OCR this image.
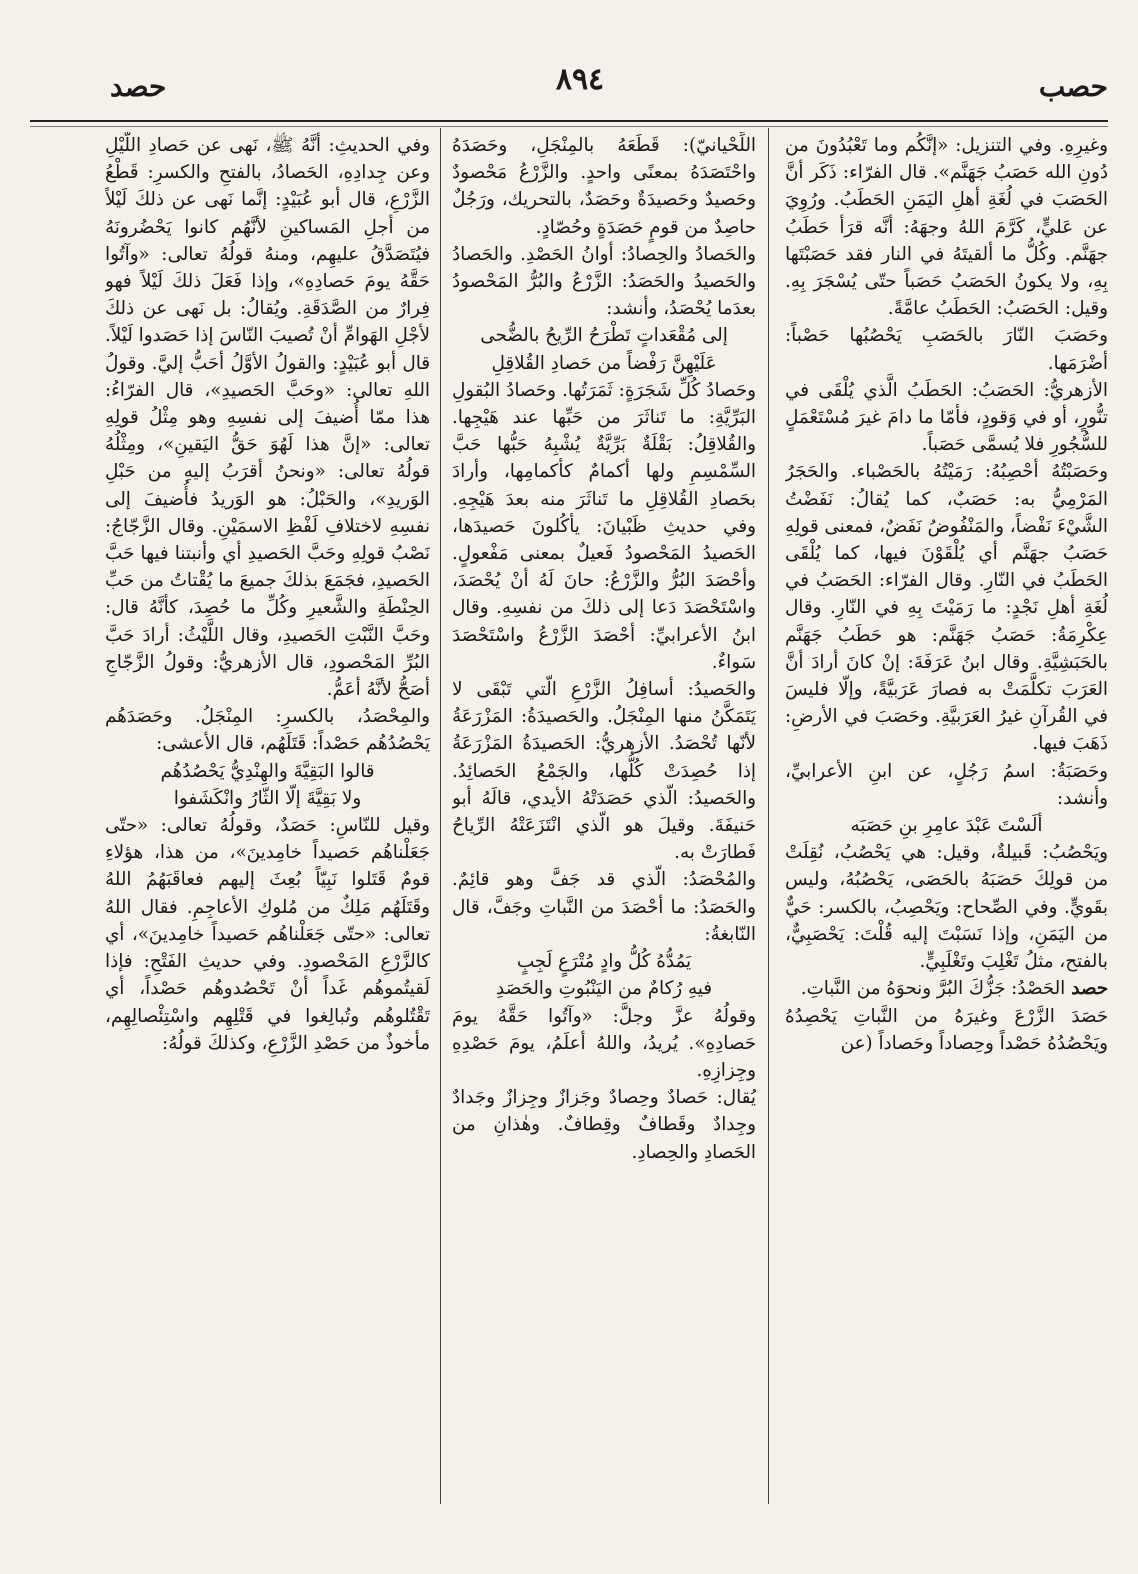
حصب
٨٩٤
حصد

وغيرِهِ. وفي التنزيل: «إنَّكُم وما تَعْبُدُونَ من دُونِ الله حَصَبُ جَهَنَّم». قال الفرّاء: ذَكَر أنَّ الحَصَبَ في لُغَةِ أهلِ اليَمَنِ الحَطَبُ. ورُوِيَ عن عَليٍّ، كَرَّمَ اللهُ وجهَهُ: أنَّه قرَأ حَطَبُ جهَنَّم. وكُلُّ ما ألقيتَهُ في النار فقد حَصَبْتَها بِهِ، ولا يكونُ الحَصَبُ حَصَباً حتّى يُسْجَرَ بِهِ. وقيل: الحَصَبُ: الحَطَبُ عامَّةً.

وحَصَبَ النّارَ بالحَصَبِ يَحْصُبُها حَصْباً: أضْرَمَها.

الأزهريُّ: الحَصَبُ: الحَطَبُ الَّذي يُلْقَى في تنُّورٍ، أو في وَقودٍ، فأمّا ما دامَ غيرَ مُسْتَعْمَلٍ للسُّجُورِ فلا يُسمَّى حَصَباً.

وحَصَبْتُهُ أحْصِبُهُ: رَمَيْتُهُ بالحَصْباء. والحَجَرُ المَرْمِيُّ به: حَصَبٌ، كما يُقالُ: نَفَضْتُ الشَّيْءَ نَفْضاً، والمَنْفُوضُ نَفَضٌ، فمعنى قولِهِ حَصَبُ جهَنَّم أي يُلْقَوْنَ فيها، كما يُلْقَى الحَطَبُ في النّارِ. وقال الفرّاء: الحَصَبُ في لُغَةِ أهلِ نَجْدٍ: ما رَمَيْتَ بِهِ في النّارِ. وقال عِكْرِمَةُ: حَصَبُ جَهَنَّم: هو حَطَبُ جَهَنَّم بالحَبَشِيَّةِ. وقال ابنُ عَرَفَةَ: إنْ كانَ أرادَ أنَّ العَرَبَ تكلَّمَتْ به فصارَ عَرَبيَّةً، وإلّا فليسَ في القُرآنِ غيرُ العَرَبيَّةِ. وحَصَبَ في الأرضِ: ذَهَبَ فيها.

وحَصَبَةُ: اسمُ رَجُلٍ، عن ابنِ الأعرابيِّ، وأنشد:

ألَسْتَ عَبْدَ عامِرِ بنِ حَصَبَه

ويَحْصُبُ: قَبيلةٌ، وقيل: هي يَحْصُبُ، نُقِلَتْ من قولِكَ حَصَبَهُ بالحَصَى، يَحْصُبُهُ، وليس بقَويٍّ. وفي الصِّحاح: ويَحْصِبُ، بالكسر: حَيٌّ من اليَمَنِ، وإذا نَسَبْتَ إليه قُلْتَ: يَحْصَبِيٌّ، بالفتح، مثلُ تَغْلِبَ وتَغْلَبِيٍّ.

حصدالحَصْدُ: جَزُّكَ البُرَّ ونحوَهُ من النَّباتِ.

حَصَدَ الزَّرْعَ وغيرَهُ من النَّباتِ يَحْصِدُهُ ويَحْصُدُهُ حَصْداً وحِصاداً وحَصاداً (عن

اللِّحْيانيّ): قَطَعَهُ بالمِنْجَلِ، وحَصَدَهُ واحْتَصَدَهُ بمعنًى واحدٍ. والزَّرْعُ مَحْصودٌ وحَصيدٌ وحَصيدَةٌ وحَصَدٌ، بالتحريك، ورَجُلٌ حاصِدٌ من قومٍ حَصَدَةٍ وحُصّادٍ.

والحَصادُ والحِصادُ: أوانُ الحَصْدِ. والحَصادُ والحَصيدُ والحَصَدُ: الزَّرْعُ والبُرُّ المَحْصودُ بعدَما يُحْصَدُ، وأنشد:

إلى مُقْعَداتٍ تَطْرَحُ الرِّيحُ بالضُّحى

عَلَيْهِنَّ رَفْضاً من حَصادِ القُلاقِلِ

وحَصادُ كُلِّ شَجَرَةٍ: ثَمَرَتُها. وحَصادُ البُقولِ البَرِّيَّةِ: ما تَناثَرَ من حَبِّها عند هَيْجِها. والقُلاقِلُ: بَقْلَةٌ بَرِّيَّةٌ يُشْبِهُ حَبُّها حَبَّ السِّمْسِمِ ولها أكمامٌ كأكمامِها، وأرادَ بحَصادِ القُلاقِلِ ما تَناثَرَ منه بعدَ هَيْجِهِ. وفي حديثِ ظَبْيانَ: يأكُلونَ حَصيدَها، الحَصيدُ المَحْصودُ فَعيلٌ بمعنى مَفْعولٍ. وأحْصَدَ البُرُّ والزَّرْعُ: حانَ لَهُ أنْ يُحْصَدَ، واسْتَحْصَدَ دَعا إلى ذلكَ من نفسِهِ. وقال ابنُ الأعرابيِّ: أحْصَدَ الزَّرْعُ واسْتَحْصَدَ سَواءٌ.

والحَصيدُ: أسافِلُ الزَّرْعِ الّتي تَبْقَى لا يَتَمَكَّنُ منها المِنْجَلُ. والحَصيدَةُ: المَزْرَعَةُ لأنّها تُحْصَدُ. الأزهريُّ: الحَصيدَةُ المَزْرَعَةُ إذا حُصِدَتْ كُلُّها، والجَمْعُ الحَصائِدُ. والحَصيدُ: الّذي حَصَدَتْهُ الأيدي، قالَهُ أبو حَنيفَةَ. وقيلَ هو الّذي انْتَزَعَتْهُ الرِّياحُ فَطارَتْ به.

والمُحْصَدُ: الّذي قد جَفَّ وهو قائِمٌ. والحَصَدُ: ما أحْصَدَ من النَّباتِ وجَفَّ، قال النّابغةُ:

يَمُدُّهُ كُلُّ وادٍ مُتْرَعٍ لَجِبٍ

فيهِ رُكامٌ من اليَنْبُوتِ والحَصَدِ

وقولُهُ عزَّ وجلَّ: «وآتُوا حَقَّهُ يومَ حَصادِهِ». يُريدُ، واللهُ أعلَمُ، يومَ حَصْدِهِ وجِزازِهِ.

يُقال: حَصادٌ وحِصادٌ وجَزازٌ وجِزازٌ وجَدادٌ وجِدادٌ وقَطافٌ وقِطافٌ. وهٰذانِ من الحَصادِ والحِصادِ.

وفي الحديثِ: أنَّهُ ﷺ، نَهى عن حَصادِ اللَّيْلِ وعن جِدادِهِ، الحَصادُ، بالفتحِ والكسرِ: قَطْعُ الزَّرْعِ، قال أبو عُبَيْدٍ: إنَّما نَهى عن ذلكَ لَيْلاً من أجلِ المَساكينِ لأنَّهُم كانوا يَحْضُرونَهُ فيُتَصَدَّقُ عليهِم، ومنهُ قولُهُ تعالى: «وآتُوا حَقَّهُ يومَ حَصادِهِ»، وإذا فَعَلَ ذلكَ لَيْلاً فهو فِرارٌ من الصَّدَقَةِ. ويُقالُ: بل نَهى عن ذلكَ لأجْلِ الهَوامِّ أنْ تُصيبَ النّاسَ إذا حَصَدوا لَيْلاً. قال أبو عُبَيْدٍ: والقولُ الأوَّلُ أحَبُّ إليَّ. وقولُ اللهِ تعالى: «وحَبَّ الحَصيدِ»، قال الفرّاءُ: هذا ممّا أُضيفَ إلى نفسِهِ وهو مِثْلُ قولِهِ تعالى: «إنَّ هذا لَهُوَ حَقُّ اليَقينِ»، ومِثْلُهُ قولُهُ تعالى: «ونحنُ أقرَبُ إليهِ من حَبْلِ الوَريدِ»، والحَبْلُ: هو الوَريدُ فأُضيفَ إلى نفسِهِ لاختلافِ لَفْظِ الاسمَيْنِ. وقال الزَّجّاجُ: نَصْبُ قولِهِ وحَبَّ الحَصيدِ أي وأنبتنا فيها حَبَّ الحَصيدِ، فجَمَعَ بذلكَ جميعَ ما يُقْتاتُ من حَبِّ الحِنْطَةِ والشَّعيرِ وكُلِّ ما حُصِدَ، كأنَّهُ قال: وحَبَّ النَّبْتِ الحَصيدِ، وقال اللَّيْثُ: أرادَ حَبَّ البُرِّ المَحْصودِ، قال الأزهريُّ: وقولُ الزَّجّاجِ أصَحُّ لأنَّهُ أعَمُّ.

والمِحْصَدُ، بالكسرِ: المِنْجَلُ. وحَصَدَهُم يَحْصُدُهُم حَصْداً: قَتَلَهُم، قال الأعشى:

قالوا البَقِيَّةَ والهِنْدِيُّ يَحْصُدُهُم

ولا بَقِيَّةَ إلّا الثّارُ وانْكَشَفوا

وقيل للنّاسِ: حَصَدٌ، وقولُهُ تعالى: «حتّى جَعَلْناهُم حَصيداً خامِدينَ»، من هذا، هؤلاءِ قومٌ قَتَلوا نَبِيّاً بُعِثَ إليهم فعاقَبَهُمُ اللهُ وقَتَلَهُم مَلِكٌ من مُلوكِ الأعاجِمِ. فقال اللهُ تعالى: «حتّى جَعَلْناهُم حَصيداً خامِدينَ»، أي كالزَّرْعِ المَحْصودِ. وفي حديثِ الفَتْحِ: فإذا لَقيتُموهُم غَداً أنْ تَحْصُدوهُم حَصْداً، أي تَقْتُلوهُم وتُبالِغوا في قَتْلِهِم واسْتِئْصالِهِم، مأخوذٌ من حَصْدِ الزَّرْعِ، وكذلكَ قولُهُ:
